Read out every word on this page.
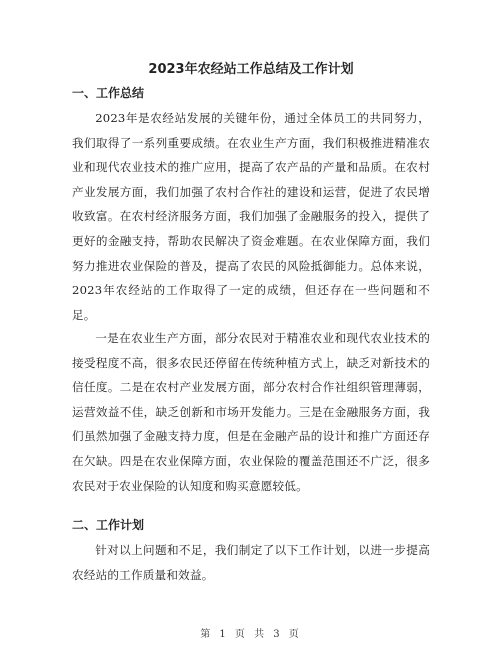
2023年农经站工作总结及工作计划
一、工作总结

2023年是农经站发展的关键年份，通过全体员工的共同努力，我们取得了一系列重要成绩。在农业生产方面，我们积极推进精准农业和现代农业技术的推广应用，提高了农产品的产量和品质。在农村产业发展方面，我们加强了农村合作社的建设和运营，促进了农民增收致富。在农村经济服务方面，我们加强了金融服务的投入，提供了更好的金融支持，帮助农民解决了资金难题。在农业保障方面，我们努力推进农业保险的普及，提高了农民的风险抵御能力。总体来说，2023年农经站的工作取得了一定的成绩，但还存在一些问题和不足。

一是在农业生产方面，部分农民对于精准农业和现代农业技术的接受程度不高，很多农民还停留在传统种植方式上，缺乏对新技术的信任度。二是在农村产业发展方面，部分农村合作社组织管理薄弱，运营效益不佳，缺乏创新和市场开发能力。三是在金融服务方面，我们虽然加强了金融支持力度，但是在金融产品的设计和推广方面还存在欠缺。四是在农业保障方面，农业保险的覆盖范围还不广泛，很多农民对于农业保险的认知度和购买意愿较低。

二、工作计划

针对以上问题和不足，我们制定了以下工作计划，以进一步提高农经站的工作质量和效益。

第 1 页 共 3 页
